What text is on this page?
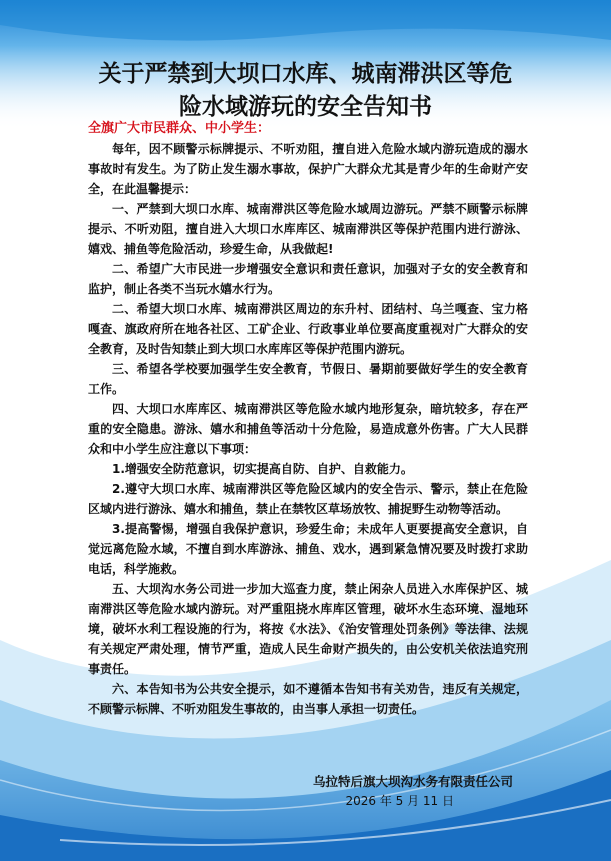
关于严禁到大坝口水库、城南滞洪区等危
险水域游玩的安全告知书
全旗广大市民群众、中小学生：

每年，因不顾警示标牌提示、不听劝阻，擅自进入危险水域内游玩造成的溺水事故时有发生。为了防止发生溺水事故，保护广大群众尤其是青少年的生命财产安全，在此温馨提示：

一、严禁到大坝口水库、城南滞洪区等危险水域周边游玩。严禁不顾警示标牌提示、不听劝阻，擅自进入大坝口水库库区、城南滞洪区等保护范围内进行游泳、嬉戏、捕鱼等危险活动，珍爱生命，从我做起!

二、希望广大市民进一步增强安全意识和责任意识，加强对子女的安全教育和监护，制止各类不当玩水嬉水行为。

二、希望大坝口水库、城南滞洪区周边的东升村、团结村、乌兰嘎查、宝力格嘎查、旗政府所在地各社区、工矿企业、行政事业单位要高度重视对广大群众的安全教育，及时告知禁止到大坝口水库库区等保护范围内游玩。

三、希望各学校要加强学生安全教育，节假日、暑期前要做好学生的安全教育工作。

四、大坝口水库库区、城南滞洪区等危险水域内地形复杂，暗坑较多，存在严重的安全隐患。游泳、嬉水和捕鱼等活动十分危险，易造成意外伤害。广大人民群众和中小学生应注意以下事项：

1.增强安全防范意识，切实提高自防、自护、自救能力。

2.遵守大坝口水库、城南滞洪区等危险区域内的安全告示、警示，禁止在危险区域内进行游泳、嬉水和捕鱼，禁止在禁牧区草场放牧、捕捉野生动物等活动。

3.提高警惕，增强自我保护意识，珍爱生命；未成年人更要提高安全意识，自觉远离危险水域，不擅自到水库游泳、捕鱼、戏水，遇到紧急情况要及时拨打求助电话，科学施救。

五、大坝沟水务公司进一步加大巡查力度，禁止闲杂人员进入水库保护区、城南滞洪区等危险水域内游玩。对严重阻挠水库库区管理，破坏水生态环境、湿地环境，破坏水利工程设施的行为，将按《水法》、《治安管理处罚条例》等法律、法规有关规定严肃处理，情节严重，造成人民生命财产损失的，由公安机关依法追究刑事责任。

六、本告知书为公共安全提示，如不遵循本告知书有关劝告，违反有关规定，不顾警示标牌、不听劝阻发生事故的，由当事人承担一切责任。

乌拉特后旗大坝沟水务有限责任公司
2026 年 5 月 11 日
